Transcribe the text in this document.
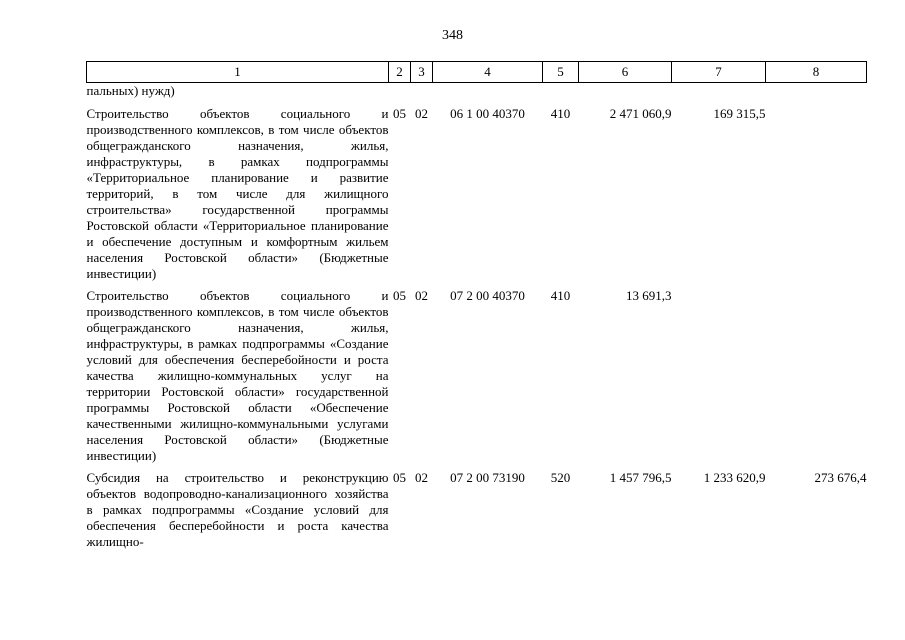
348
1	2	3	4	5	6	7	8
пальных) нужд)							
Строительство объектов социального и производственного комплексов, в том числе объектов общегражданского назначения, жилья, инфраструктуры, в рамках подпрограммы «Территориальное планирование и развитие территорий, в том числе для жилищного строительства» государственной программы Ростовской области «Территориальное планирование и обеспечение доступным и комфортным жильем населения Ростовской области» (Бюджетные инвестиции)	05	02	06 1 00 40370	410	2 471 060,9	169 315,5	
Строительство объектов социального и производственного комплексов, в том числе объектов общегражданского назначения, жилья, инфраструктуры, в рамках подпрограммы «Создание условий для обеспечения бесперебойности и роста качества жилищно-коммунальных услуг на территории Ростовской области» государственной программы Ростовской области «Обеспечение качественными жилищно-коммунальными услугами населения Ростовской области» (Бюджетные инвестиции)	05	02	07 2 00 40370	410	13 691,3		
Субсидия на строительство и реконструкцию объектов водопроводно-канализационного хозяйства в рамках подпрограммы «Создание условий для обеспечения бесперебойности и роста качества жилищно-	05	02	07 2 00 73190	520	1 457 796,5	1 233 620,9	273 676,4
